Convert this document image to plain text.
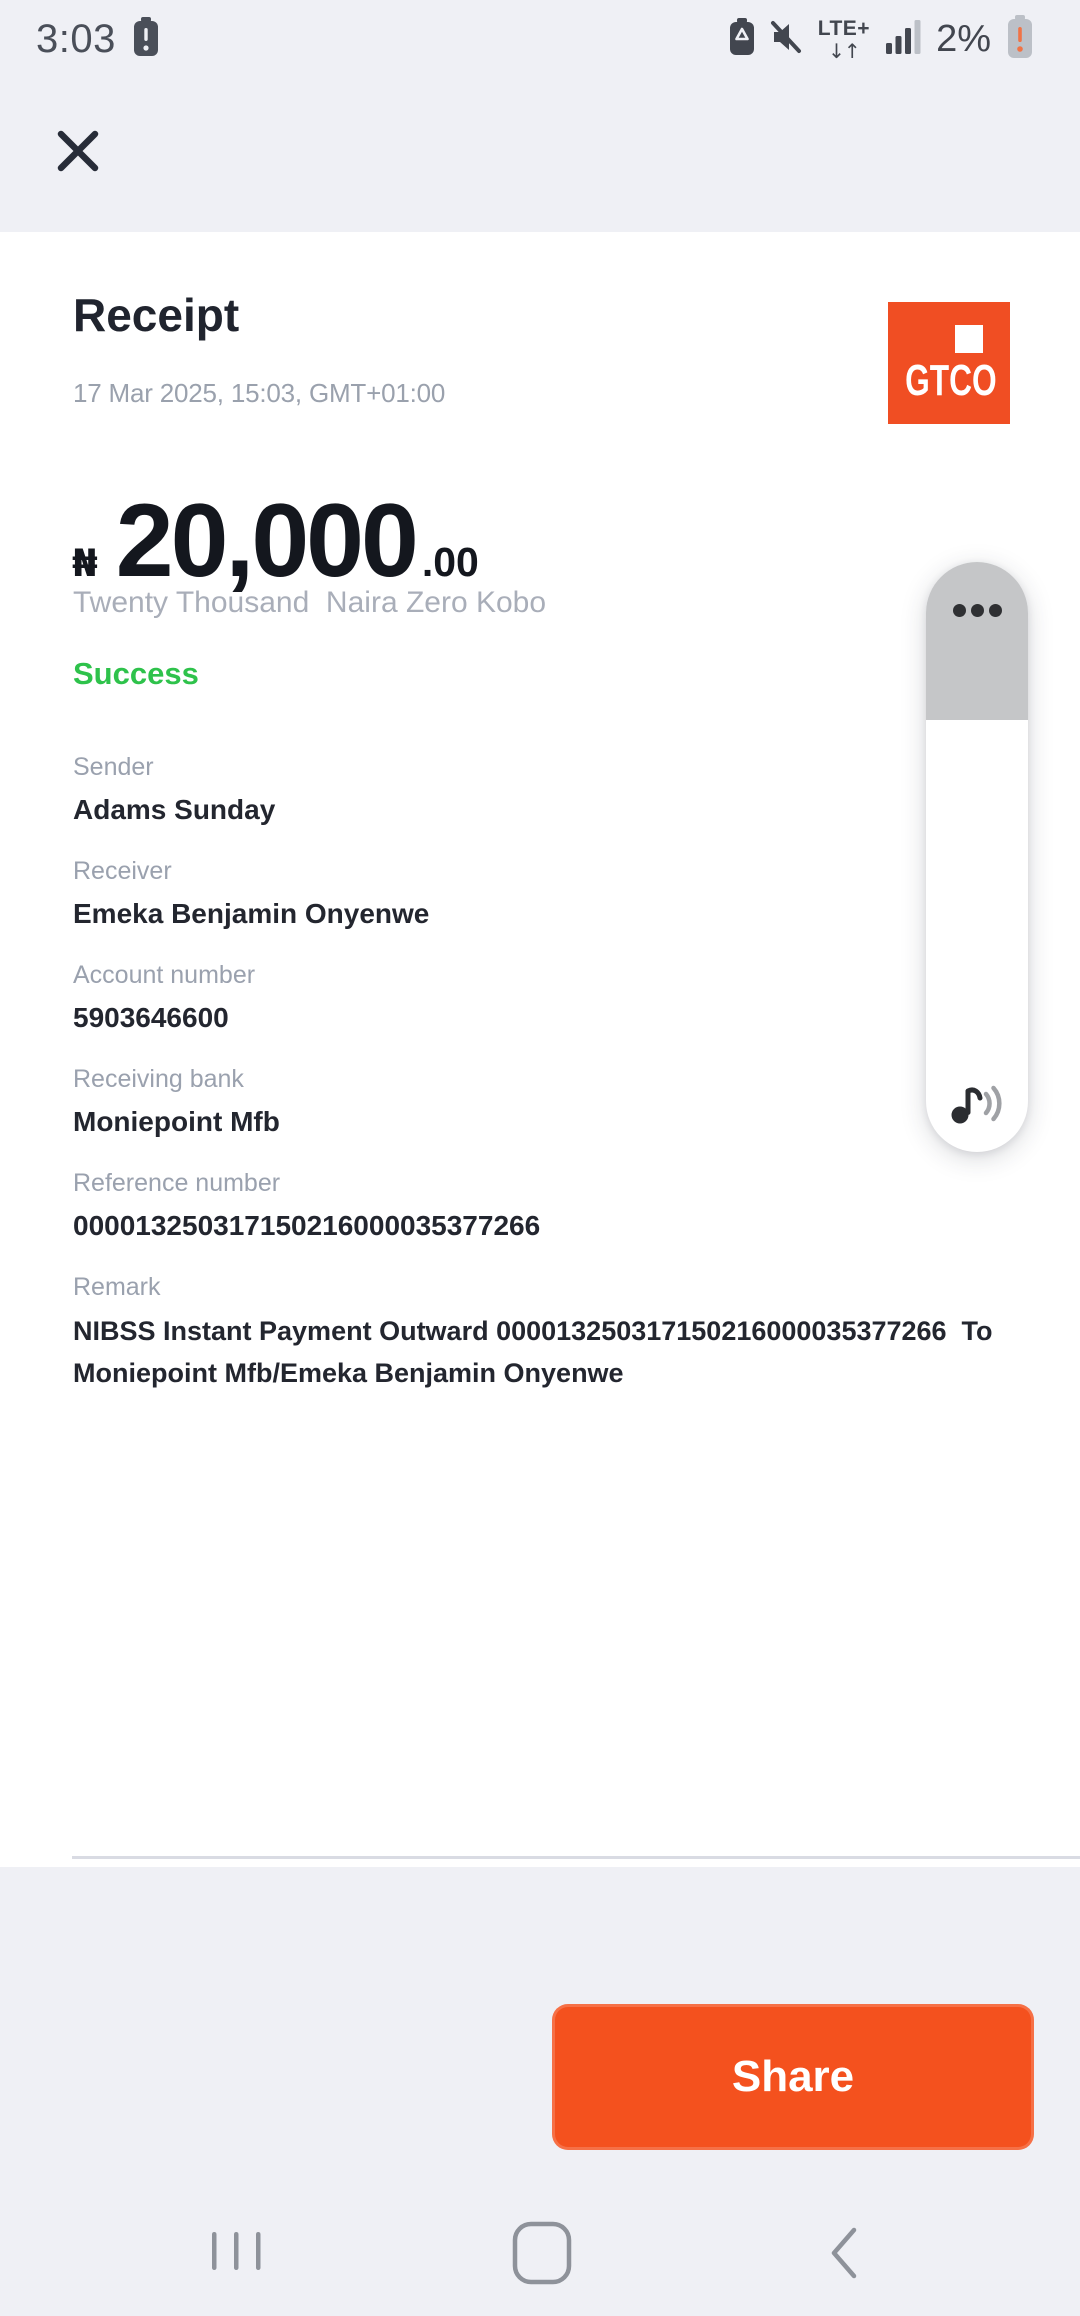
3:03	LTE+
↓↑ 2%
Receipt
17 Mar 2025, 15:03, GMT+01:00	GTCO
₦ 20,000 .00
Twenty Thousand  Naira Zero Kobo
Success
Sender
Adams Sunday
Receiver
Emeka Benjamin Onyenwe
Account number
5903646600
Receiving bank
Moniepoint Mfb
Reference number
000013250317150216000035377266
Remark
NIBSS Instant Payment Outward 000013250317150216000035377266  To Moniepoint Mfb/Emeka Benjamin Onyenwe
Share
